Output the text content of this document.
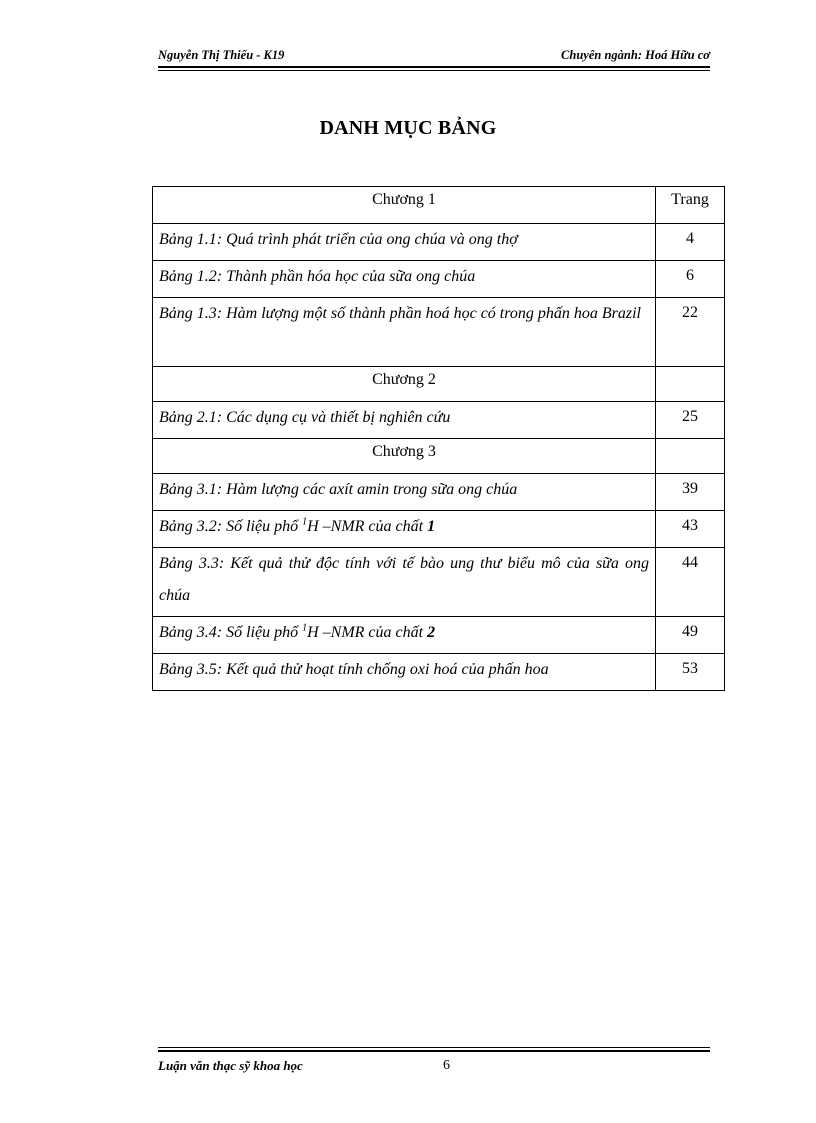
Nguyễn Thị Thiếu - K19	Chuyên ngành: Hoá Hữu cơ
DANH MỤC BẢNG
Chương 1	Trang
Bảng 1.1: Quá trình phát triển của ong chúa và ong thợ	4
Bảng 1.2: Thành phần hóa học của sữa ong chúa	6
Bảng 1.3: Hàm lượng một số thành phần hoá học có trong phấn hoa Brazil	22
Chương 2	
Bảng 2.1: Các dụng cụ và thiết bị nghiên cứu	25
Chương 3	
Bảng 3.1: Hàm lượng các axít amin trong sữa ong chúa	39
Bảng 3.2: Số liệu phổ $^1$H –NMR của chất 1	43
Bảng 3.3: Kết quả thử độc tính với tế bào ung thư biểu mô của sữa ong chúa	44
Bảng 3.4: Số liệu phổ $^1$H –NMR của chất 2	49
Bảng 3.5: Kết quả thử hoạt tính chống oxi hoá của phấn hoa	53
Luận văn thạc sỹ khoa học	6
